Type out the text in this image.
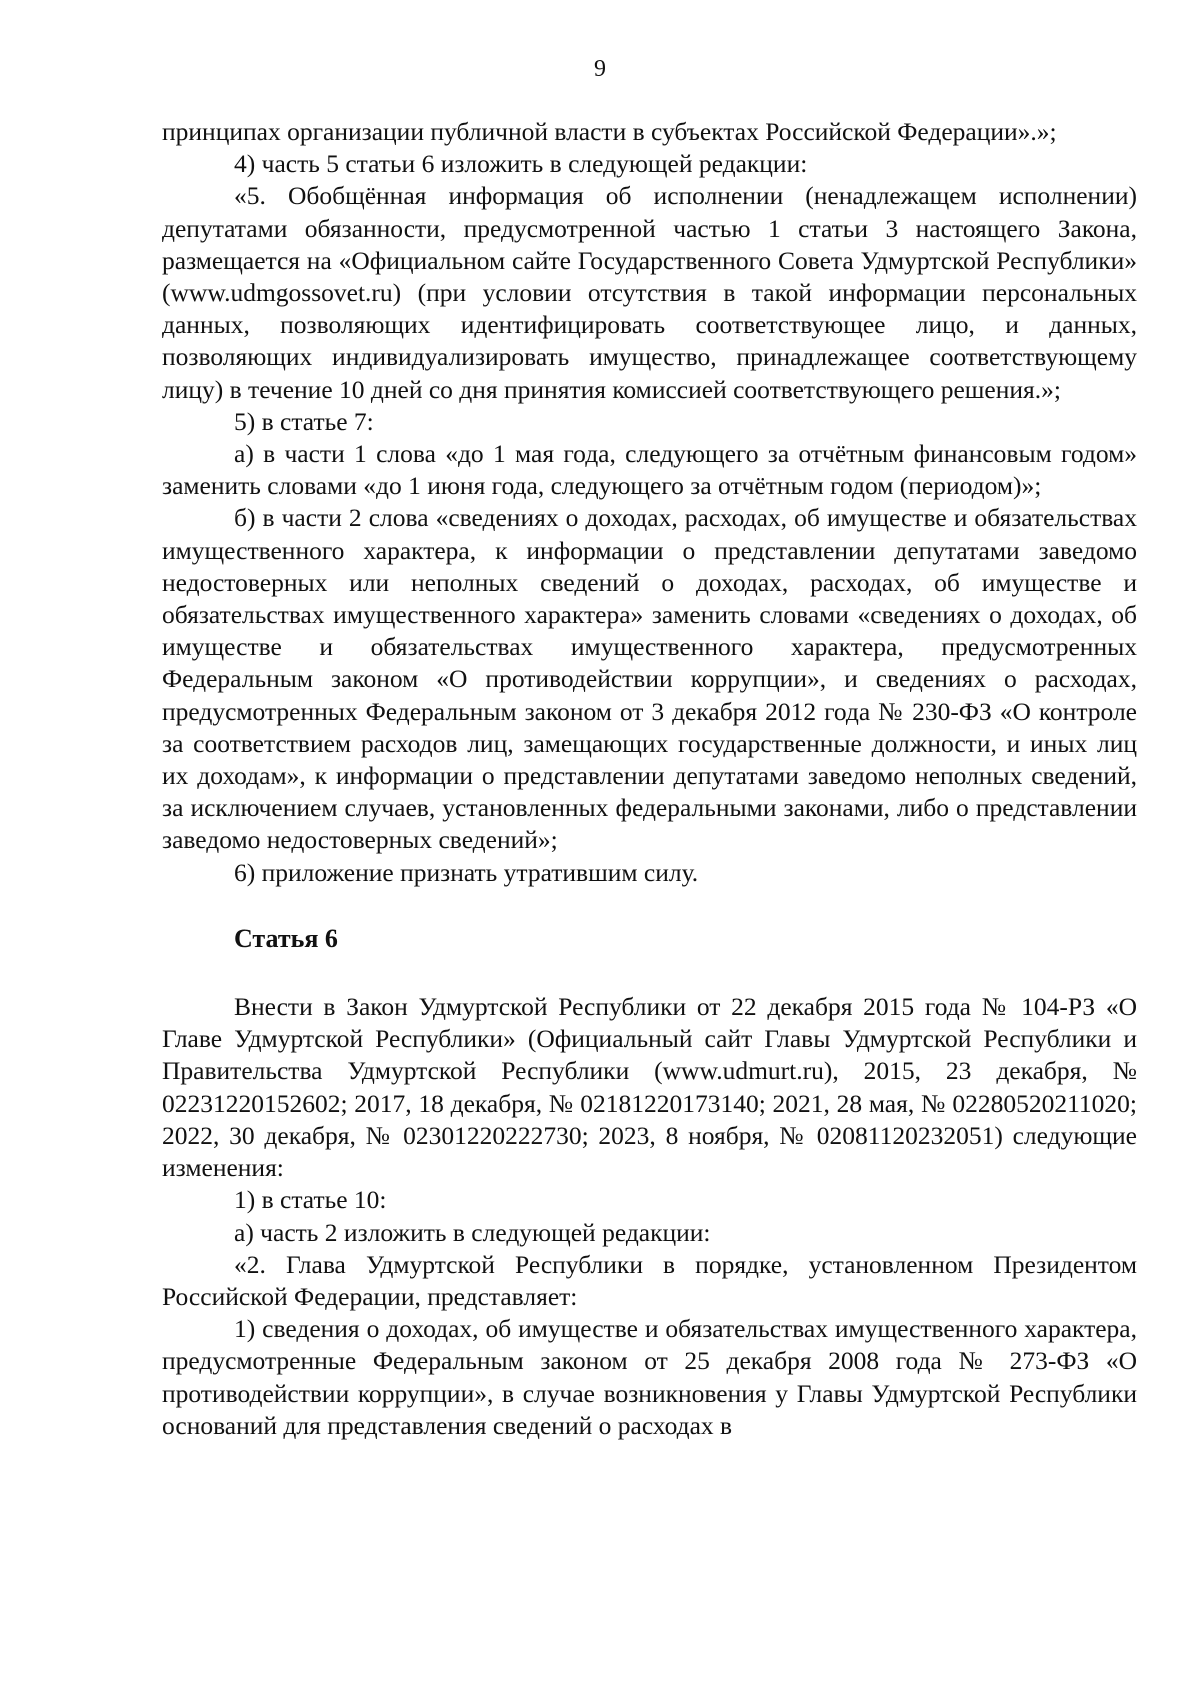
9

принципах организации публичной власти в субъектах Российской Федерации».»;

4) часть 5 статьи 6 изложить в следующей редакции:

«5. Обобщённая информация об исполнении (ненадлежащем исполнении) депутатами обязанности, предусмотренной частью 1 статьи 3 настоящего Закона, размещается на «Официальном сайте Государственного Совета Удмуртской Республики» (www.udmgossovet.ru) (при условии отсутствия в такой информации персональных данных, позволяющих идентифицировать соответствующее лицо, и данных, позволяющих индивидуализировать имущество, принадлежащее соответствующему лицу) в течение 10 дней со дня принятия комиссией соответствующего решения.»;

5) в статье 7:

а) в части 1 слова «до 1 мая года, следующего за отчётным финансовым годом» заменить словами «до 1 июня года, следующего за отчётным годом (периодом)»;

б) в части 2 слова «сведениях о доходах, расходах, об имуществе и обязательствах имущественного характера, к информации о представлении депутатами заведомо недостоверных или неполных сведений о доходах, расходах, об имуществе и обязательствах имущественного характера» заменить словами «сведениях о доходах, об имуществе и обязательствах имущественного характера, предусмотренных Федеральным законом «О противодействии коррупции», и сведениях о расходах, предусмотренных Федеральным законом от 3 декабря 2012 года № 230-ФЗ «О контроле за соответствием расходов лиц, замещающих государственные должности, и иных лиц их доходам», к информации о представлении депутатами заведомо неполных сведений, за исключением случаев, установленных федеральными законами, либо о представлении заведомо недостоверных сведений»;

6) приложение признать утратившим силу.

Статья 6

Внести в Закон Удмуртской Республики от 22 декабря 2015 года № 104-РЗ «О Главе Удмуртской Республики» (Официальный сайт Главы Удмуртской Республики и Правительства Удмуртской Республики (www.udmurt.ru), 2015, 23 декабря, № 02231220152602; 2017, 18 декабря, № 02181220173140; 2021, 28 мая, № 02280520211020; 2022, 30 декабря, № 02301220222730; 2023, 8 ноября, № 02081120232051) следующие изменения:

1) в статье 10:

а) часть 2 изложить в следующей редакции:

«2. Глава Удмуртской Республики в порядке, установленном Президентом Российской Федерации, представляет:

1) сведения о доходах, об имуществе и обязательствах имущественного характера, предусмотренные Федеральным законом от 25 декабря 2008 года № 273-ФЗ «О противодействии коррупции», в случае возникновения у Главы Удмуртской Республики оснований для представления сведений о расходах в
